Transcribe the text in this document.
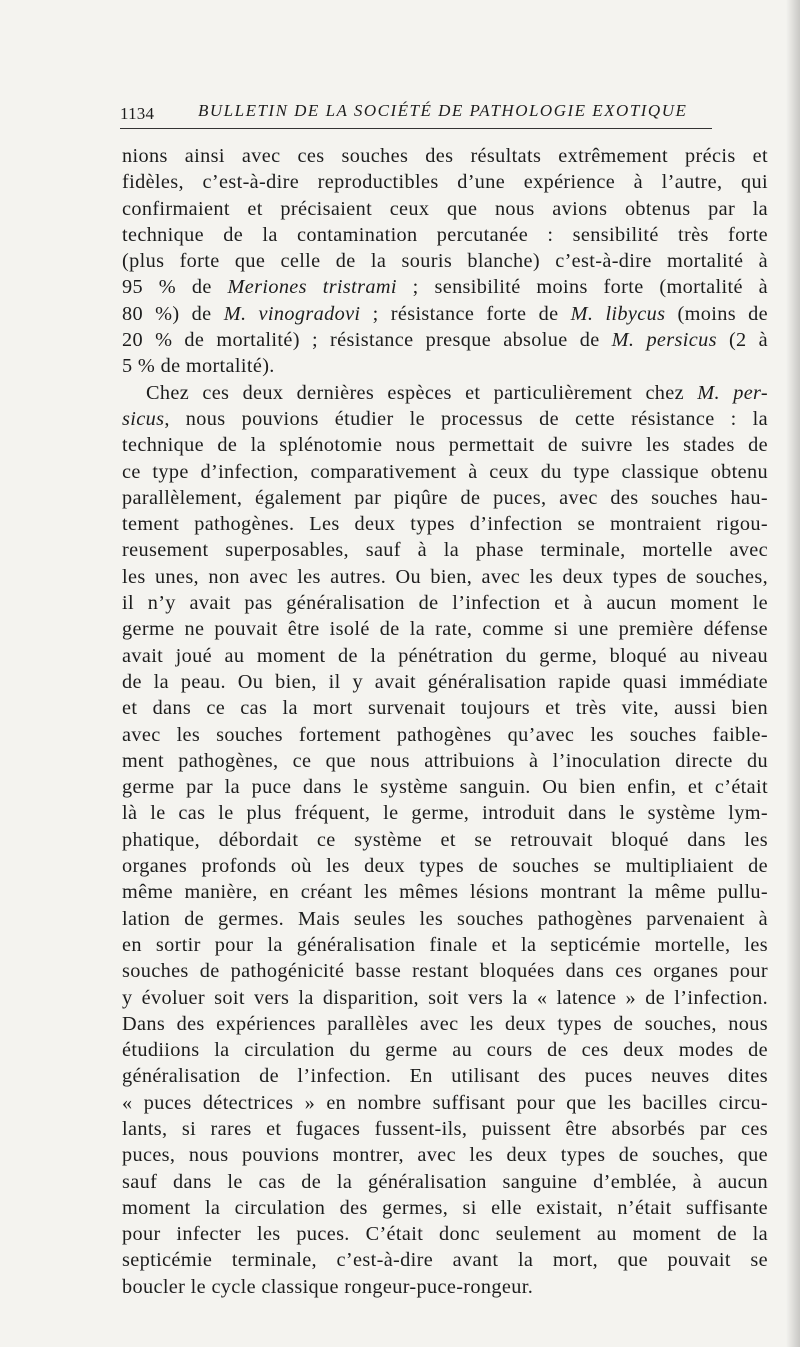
1134	BULLETIN DE LA SOCIÉTÉ DE PATHOLOGIE EXOTIQUE
nions ainsi avec ces souches des résultats extrêmement précis et
fidèles, c’est-à-dire reproductibles d’une expérience à l’autre, qui
confirmaient et précisaient ceux que nous avions obtenus par la
technique de la contamination percutanée : sensibilité très forte
(plus forte que celle de la souris blanche) c’est-à-dire mortalité à
95 % de Meriones tristrami ; sensibilité moins forte (mortalité à
80 %) de M. vinogradovi ; résistance forte de M. libycus (moins de
20 % de mortalité) ; résistance presque absolue de M. persicus (2 à
5 % de mortalité).
Chez ces deux dernières espèces et particulièrement chez M. per-
sicus, nous pouvions étudier le processus de cette résistance : la
technique de la splénotomie nous permettait de suivre les stades de
ce type d’infection, comparativement à ceux du type classique obtenu
parallèlement, également par piqûre de puces, avec des souches hau-
tement pathogènes. Les deux types d’infection se montraient rigou-
reusement superposables, sauf à la phase terminale, mortelle avec
les unes, non avec les autres. Ou bien, avec les deux types de souches,
il n’y avait pas généralisation de l’infection et à aucun moment le
germe ne pouvait être isolé de la rate, comme si une première défense
avait joué au moment de la pénétration du germe, bloqué au niveau
de la peau. Ou bien, il y avait généralisation rapide quasi immédiate
et dans ce cas la mort survenait toujours et très vite, aussi bien
avec les souches fortement pathogènes qu’avec les souches faible-
ment pathogènes, ce que nous attribuions à l’inoculation directe du
germe par la puce dans le système sanguin. Ou bien enfin, et c’était
là le cas le plus fréquent, le germe, introduit dans le système lym-
phatique, débordait ce système et se retrouvait bloqué dans les
organes profonds où les deux types de souches se multipliaient de
même manière, en créant les mêmes lésions montrant la même pullu-
lation de germes. Mais seules les souches pathogènes parvenaient à
en sortir pour la généralisation finale et la septicémie mortelle, les
souches de pathogénicité basse restant bloquées dans ces organes pour
y évoluer soit vers la disparition, soit vers la « latence » de l’infection.
Dans des expériences parallèles avec les deux types de souches, nous
étudiions la circulation du germe au cours de ces deux modes de
généralisation de l’infection. En utilisant des puces neuves dites
« puces détectrices » en nombre suffisant pour que les bacilles circu-
lants, si rares et fugaces fussent-ils, puissent être absorbés par ces
puces, nous pouvions montrer, avec les deux types de souches, que
sauf dans le cas de la généralisation sanguine d’emblée, à aucun
moment la circulation des germes, si elle existait, n’était suffisante
pour infecter les puces. C’était donc seulement au moment de la
septicémie terminale, c’est-à-dire avant la mort, que pouvait se
boucler le cycle classique rongeur-puce-rongeur.
